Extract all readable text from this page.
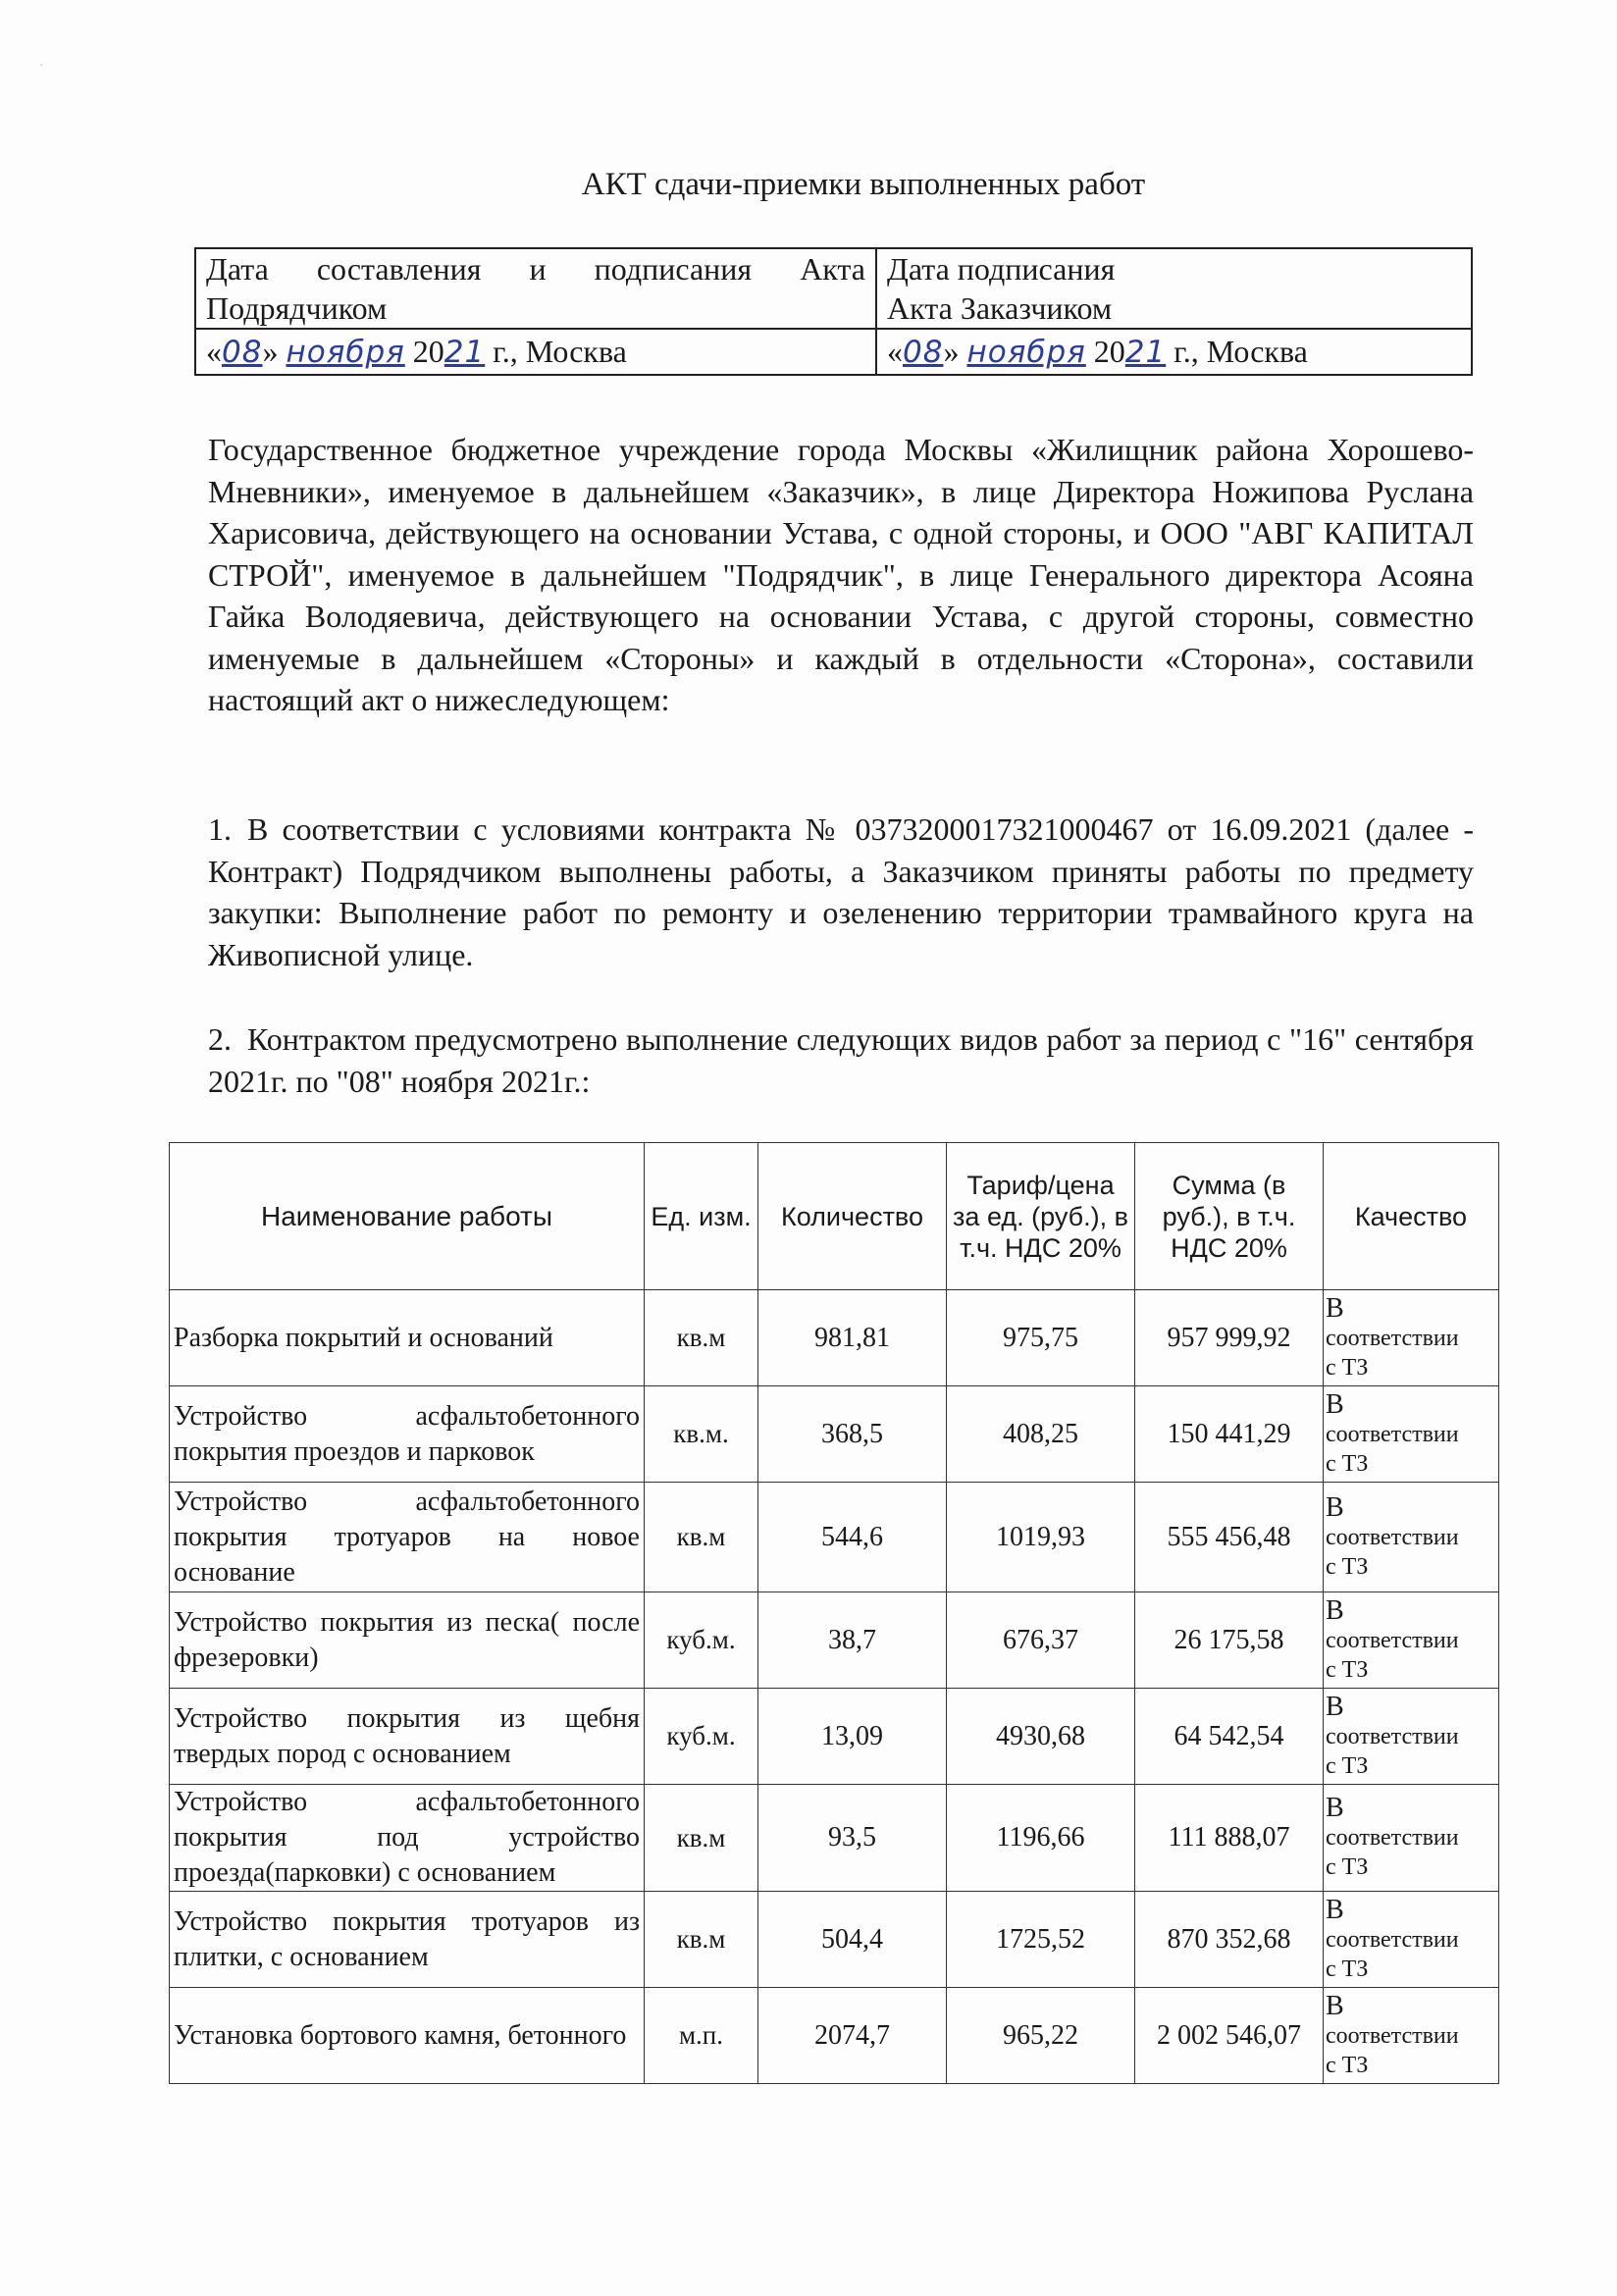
АКТ сдачи-приемки выполненных работ
Дата составления и подписания Акта Подрядчиком	Дата подписания
Акта Заказчиком

«08» ноября 2021 г., Москва	«08» ноября 2021 г., Москва
Государственное бюджетное учреждение города Москвы «Жилищник района Хорошево-Мневники», именуемое в дальнейшем «Заказчик», в лице Директора Ножипова Руслана Харисовича, действующего на основании Устава, с одной стороны, и ООО "АВГ КАПИТАЛ СТРОЙ", именуемое в дальнейшем "Подрядчик", в лице Генерального директора Асояна Гайка Володяевича, действующего на основании Устава, с другой стороны, совместно именуемые в дальнейшем «Стороны» и каждый в отдельности «Сторона», составили настоящий акт о нижеследующем:
1. В соответствии с условиями контракта № 0373200017321000467 от 16.09.2021 (далее - Контракт) Подрядчиком выполнены работы, а Заказчиком приняты работы по предмету закупки: Выполнение работ по ремонту и озеленению территории трамвайного круга на Живописной улице.
2. Контрактом предусмотрено выполнение следующих видов работ за период с "16" сентября 2021г. по "08" ноября 2021г.:
Наименование работы	Ед. изм.	Количество	Тариф/цена за ед. (руб.), в т.ч. НДС 20%	Сумма (в руб.), в т.ч. НДС 20%	Качество
Разборка покрытий и оснований	кв.м	981,81	975,75	957 999,92	В
соответствии
с ТЗ

Устройство асфальтобетонного покрытия проездов и парковок	кв.м.	368,5	408,25	150 441,29	В
соответствии
с ТЗ

Устройство асфальтобетонного покрытия тротуаров на новое основание	кв.м	544,6	1019,93	555 456,48	В
соответствии
с ТЗ

Устройство покрытия из песка( после фрезеровки)	куб.м.	38,7	676,37	26 175,58	В
соответствии
с ТЗ

Устройство покрытия из щебня твердых пород с основанием	куб.м.	13,09	4930,68	64 542,54	В
соответствии
с ТЗ

Устройство асфальтобетонного покрытия под устройство проезда(парковки) с основанием	кв.м	93,5	1196,66	111 888,07	В
соответствии
с ТЗ

Устройство покрытия тротуаров из плитки, с основанием	кв.м	504,4	1725,52	870 352,68	В
соответствии
с ТЗ

Установка бортового камня, бетонного	м.п.	2074,7	965,22	2 002 546,07	В
соответствии
с ТЗ
·
